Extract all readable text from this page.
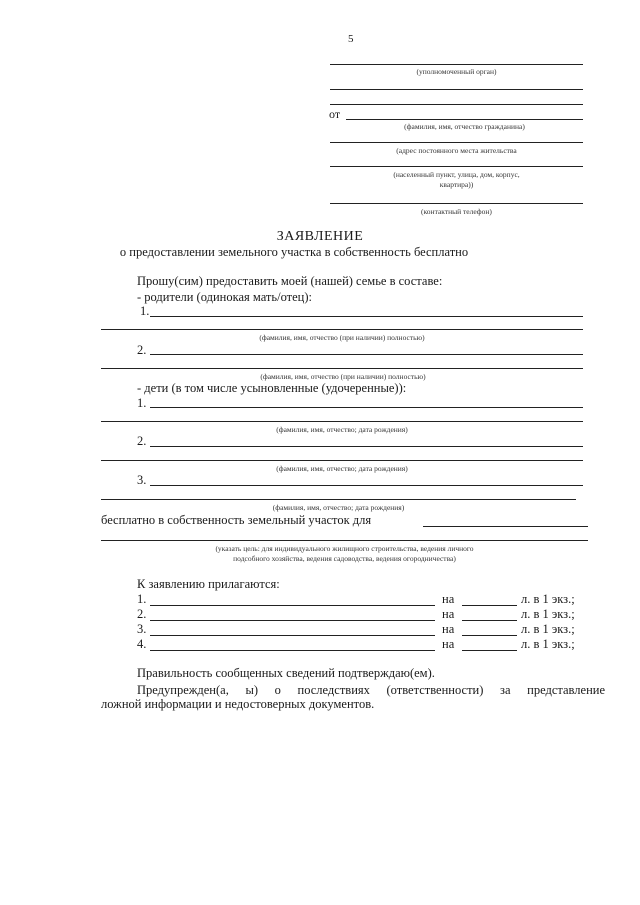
5
(уполномоченный орган)
от
(фамилия, имя, отчество гражданина)
(адрес постоянного места жительства
(населенный пункт, улица, дом, корпус,
квартира))
(контактный телефон)
ЗАЯВЛЕНИЕ
о предоставлении земельного участка в собственность бесплатно
Прошу(сим) предоставить моей (нашей) семье в составе:
- родители (одинокая мать/отец):
1.
(фамилия, имя, отчество (при наличии) полностью)
2.
(фамилия, имя, отчество (при наличии) полностью)
- дети (в том числе усыновленные (удочеренные)):
1.
(фамилия, имя, отчество; дата рождения)
2.
(фамилия, имя, отчество; дата рождения)
3.
(фамилия, имя, отчество; дата рождения)
бесплатно в собственность земельный участок для
(указать цель: для индивидуального жилищного строительства, ведения личного
подсобного хозяйства, ведения садоводства, ведения огородничества)
К заявлению прилагаются:
1.	на	л. в 1 экз.;
2.	на	л. в 1 экз.;
3.	на	л. в 1 экз.;
4.	на	л. в 1 экз.;
Правильность сообщенных сведений подтверждаю(ем).
Предупрежден(а, ы) о последствиях (ответственности) за представление
ложной информации и недостоверных документов.
